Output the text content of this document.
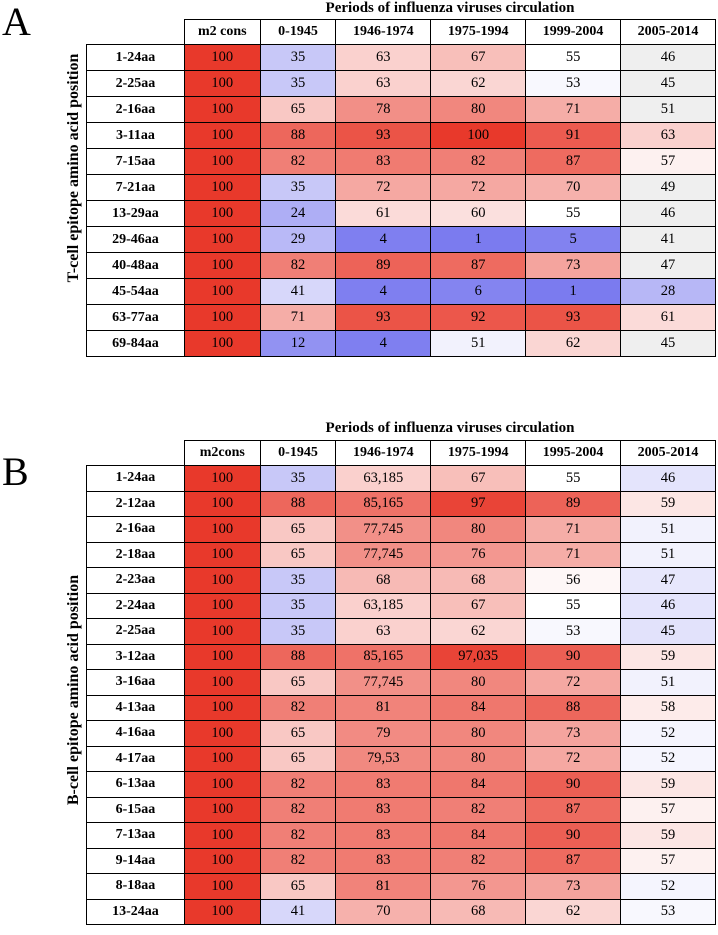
A	Periods of influenza viruses circulation
T-cell epitope amino acid position
	m2 cons	0-1945	1946-1974	1975-1994	1999-2004	2005-2014
1-24aa	100	35	63	67	55	46
2-25aa	100	35	63	62	53	45
2-16aa	100	65	78	80	71	51
3-11aa	100	88	93	100	91	63
7-15aa	100	82	83	82	87	57
7-21aa	100	35	72	72	70	49
13-29aa	100	24	61	60	55	46
29-46aa	100	29	4	1	5	41
40-48aa	100	82	89	87	73	47
45-54aa	100	41	4	6	1	28
63-77aa	100	71	93	92	93	61
69-84aa	100	12	4	51	62	45
B
Periods of influenza viruses circulation
B-cell epitope amino acid position
	m2cons	0-1945	1946-1974	1975-1994	1995-2004	2005-2014
1-24aa	100	35	63,185	67	55	46
2-12aa	100	88	85,165	97	89	59
2-16aa	100	65	77,745	80	71	51
2-18aa	100	65	77,745	76	71	51
2-23aa	100	35	68	68	56	47
2-24aa	100	35	63,185	67	55	46
2-25aa	100	35	63	62	53	45
3-12aa	100	88	85,165	97,035	90	59
3-16aa	100	65	77,745	80	72	51
4-13aa	100	82	81	84	88	58
4-16aa	100	65	79	80	73	52
4-17aa	100	65	79,53	80	72	52
6-13aa	100	82	83	84	90	59
6-15aa	100	82	83	82	87	57
7-13aa	100	82	83	84	90	59
9-14aa	100	82	83	82	87	57
8-18aa	100	65	81	76	73	52
13-24aa	100	41	70	68	62	53
